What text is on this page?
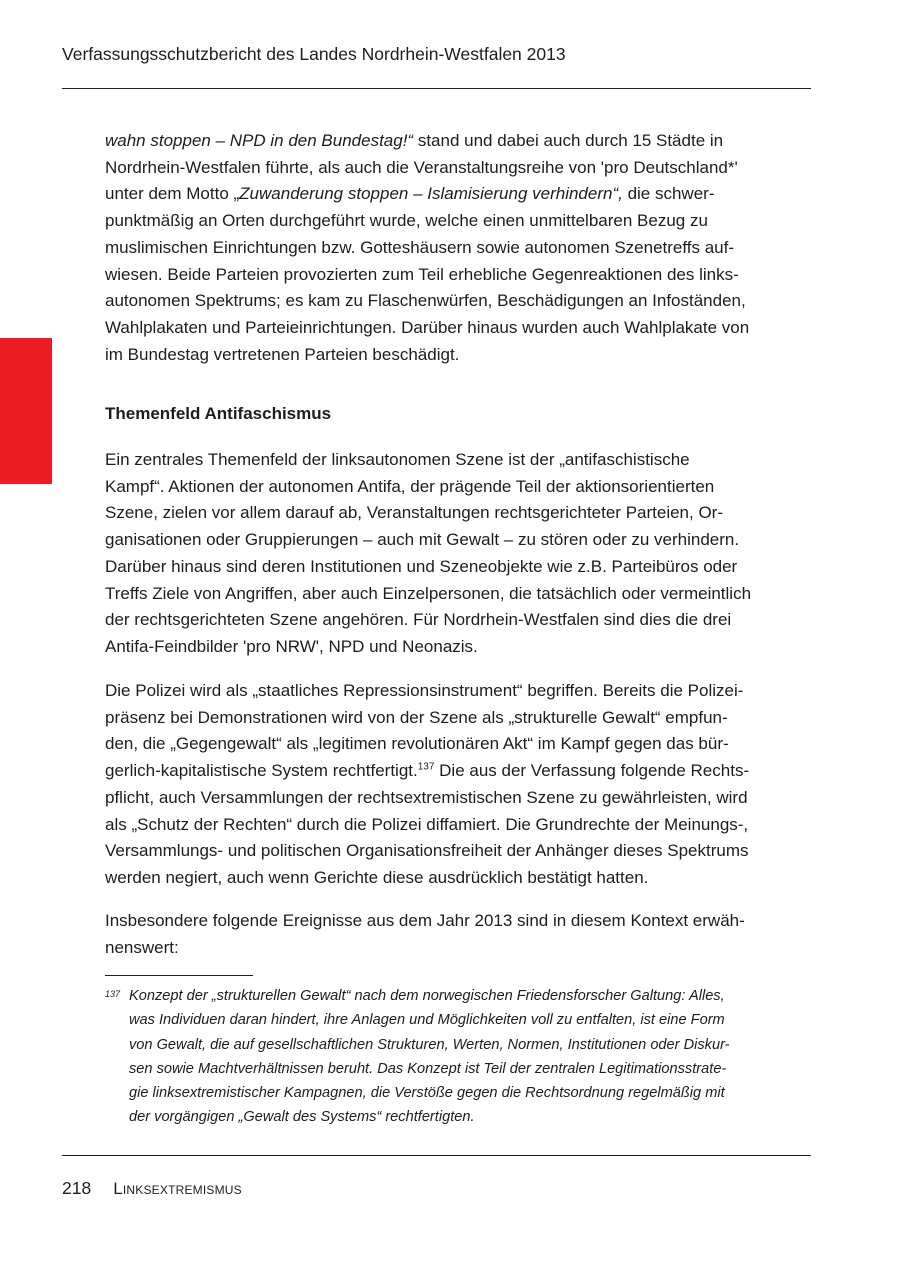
Verfassungsschutzbericht des Landes Nordrhein-Westfalen 2013
wahn stoppen – NPD in den Bundestag!“ stand und dabei auch durch 15 Städte in
Nordrhein-Westfalen führte, als auch die Veranstaltungsreihe von 'pro Deutschland*'
unter dem Motto „Zuwanderung stoppen – Islamisierung verhindern“, die schwer-
punktmäßig an Orten durchgeführt wurde, welche einen unmittelbaren Bezug zu
muslimischen Einrichtungen bzw. Gotteshäusern sowie autonomen Szenetreffs auf-
wiesen. Beide Parteien provozierten zum Teil erhebliche Gegenreaktionen des links-
autonomen Spektrums; es kam zu Flaschenwürfen, Beschädigungen an Infoständen,
Wahlplakaten und Parteieinrichtungen. Darüber hinaus wurden auch Wahlplakate von
im Bundestag vertretenen Parteien beschädigt.
Themenfeld Antifaschismus
Ein zentrales Themenfeld der linksautonomen Szene ist der „antifaschistische
Kampf“. Aktionen der autonomen Antifa, der prägende Teil der aktionsorientierten
Szene, zielen vor allem darauf ab, Veranstaltungen rechtsgerichteter Parteien, Or-
ganisationen oder Gruppierungen – auch mit Gewalt – zu stören oder zu verhindern.
Darüber hinaus sind deren Institutionen und Szeneobjekte wie z.B. Parteibüros oder
Treffs Ziele von Angriffen, aber auch Einzelpersonen, die tatsächlich oder vermeintlich
der rechtsgerichteten Szene angehören. Für Nordrhein-Westfalen sind dies die drei
Antifa-Feindbilder 'pro NRW', NPD und Neonazis.
Die Polizei wird als „staatliches Repressionsinstrument“ begriffen. Bereits die Polizei-
präsenz bei Demonstrationen wird von der Szene als „strukturelle Gewalt“ empfun-
den, die „Gegengewalt“ als „legitimen revolutionären Akt“ im Kampf gegen das bür-
gerlich-kapitalistische System rechtfertigt.$^{137}$ Die aus der Verfassung folgende Rechts-
pflicht, auch Versammlungen der rechtsextremistischen Szene zu gewährleisten, wird
als „Schutz der Rechten“ durch die Polizei diffamiert. Die Grundrechte der Meinungs-,
Versammlungs- und politischen Organisationsfreiheit der Anhänger dieses Spektrums
werden negiert, auch wenn Gerichte diese ausdrücklich bestätigt hatten.
Insbesondere folgende Ereignisse aus dem Jahr 2013 sind in diesem Kontext erwäh-
nenswert:
137 Konzept der „strukturellen Gewalt“ nach dem norwegischen Friedensforscher Galtung: Alles,
was Individuen daran hindert, ihre Anlagen und Möglichkeiten voll zu entfalten, ist eine Form
von Gewalt, die auf gesellschaftlichen Strukturen, Werten, Normen, Institutionen oder Diskur-
sen sowie Machtverhältnissen beruht. Das Konzept ist Teil der zentralen Legitimationsstrate-
gie linksextremistischer Kampagnen, die Verstöße gegen die Rechtsordnung regelmäßig mit
der vorgängigen „Gewalt des Systems“ rechtfertigten.
218 Linksextremismus
